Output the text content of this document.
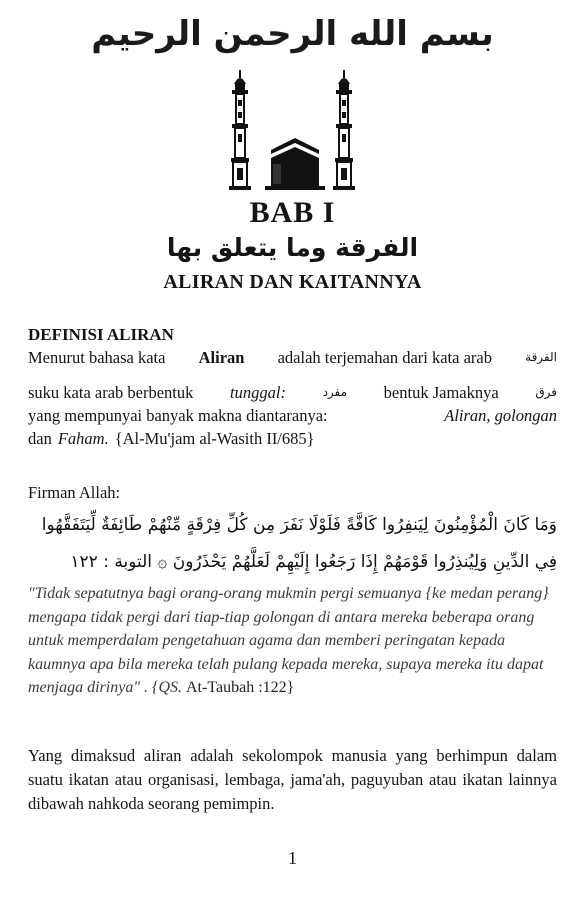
بسم الله الرحمن الرحيم
BAB I
الفرقة وما يتعلق بها
ALIRAN DAN KAITANNYA
DEFINISI ALIRAN
Menurut bahasa kata Aliran adalah terjemahan dari kata arab	الفرقة
suku kata arab berbentuk tunggal:	مفرد bentuk Jamaknya	فرق
yang mempunyai banyak makna diantaranya:	Aliran, golongan
dan Faham. {Al-Mu'jam al-Wasith II/685}
Firman Allah:
وَمَا كَانَ الْمُؤْمِنُونَ لِيَنفِرُوا كَافَّةً فَلَوْلَا نَفَرَ مِن كُلِّ فِرْقَةٍ مِّنْهُمْ طَائِفَةٌ لِّيَتَفَقَّهُوا
فِي الدِّينِ وَلِيُنذِرُوا قَوْمَهُمْ إِذَا رَجَعُوا إِلَيْهِمْ لَعَلَّهُمْ يَحْذَرُونَ ۞ التوبة : ١٢٢
"Tidak sepatutnya bagi orang-orang mukmin pergi semuanya {ke medan perang} mengapa tidak pergi dari tiap-tiap golongan di antara mereka beberapa orang untuk memperdalam pengetahuan agama dan memberi peringatan kepada kaumnya apa bila mereka telah pulang kepada mereka, supaya mereka itu dapat menjaga dirinya" . {QS. At-Taubah :122}
Yang dimaksud aliran adalah sekolompok manusia yang berhimpun dalam suatu ikatan atau organisasi, lembaga, jama'ah, paguyuban atau ikatan lainnya dibawah nahkoda seorang pemimpin.
1
